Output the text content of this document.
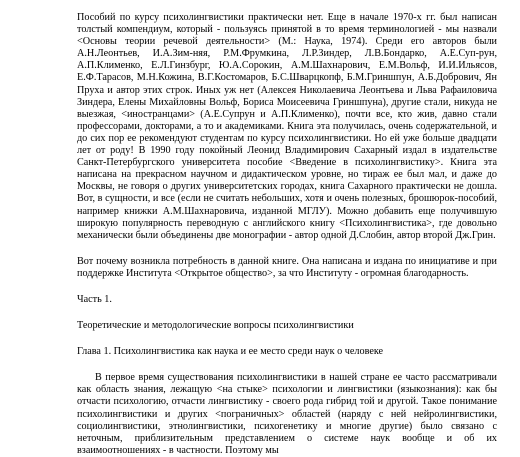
Пособий по курсу психолингвистики практически нет. Еще в начале 1970-х гг. был написан толстый компендиум, который - пользуясь принятой в то время терминологией - мы назвали <Основы теории речевой деятельности> (М.: Наука, 1974). Среди его авторов были А.Н.Леонтьев, И.А.Зим-няя, Р.М.Фрумкина, Л.Р.Зиндер, Л.В.Бондарко, А.Е.Суп-рун, А.П.Клименко, Е.Л.Гинзбург, Ю.А.Сорокин, А.М.Шахнарович, Е.М.Вольф, И.И.Ильясов, Е.Ф.Тарасов, М.Н.Кожина, В.Г.Костомаров, Б.С.Шварцкопф, Б.М.Гриншпун, А.Б.Добрович, Ян Прухa и автор этих строк. Иных уж нет (Алексея Николаевича Леонтьева и Льва Рафаиловича Зиндера, Елены Михайловны Вольф, Бориса Моисеевича Гриншпуна), другие стали, никуда не выезжая, <иностранцами> (А.Е.Супрун и А.П.Клименко), почти все, кто жив, давно стали профессорами, докторами, а то и академиками. Книга эта получилась, очень содержательной, и до сих пор ее рекомендуют студентам по курсу психолингвистики. Но ей уже больше двадцати лет от роду! В 1990 году покойный Леонид Владимирович Сахарный издал в издательстве Санкт-Петербургского университета пособие <Введение в психолингвистику>. Книга эта написана на прекрасном научном и дидактическом уровне, но тираж ее был мал, и даже до Москвы, не говоря о других университетских городах, книга Сахарного практически не дошла. Вот, в сущности, и все (если не считать небольших, хотя и очень полезных, брошюрок-пособий, например книжки А.М.Шахнаровича, изданной МГЛУ). Можно добавить еще получившую широкую популярность переводную с английского книгу <Психолингвистика>, где довольно механически были объединены две монографии - автор одной Д.Слобин, автор второй Дж.Грин.

Вот почему возникла потребность в данной книге. Она написана и издана по инициативе и при поддержке Института <Открытое общество>, за что Институту - огромная благодарность.

Часть 1.

Теоретические и методологические вопросы психолингвистики

Глава 1. Психолингвистика как наука и ее место среди наук о человеке

В первое время существования психолингвистики в нашей стране ее часто рассматривали как область знания, лежащую <на стыке> психологии и лингвистики (языкознания): как бы отчасти психологию, отчасти лингвистику - своего рода гибрид той и другой. Такое понимание психолингвистики и других <пограничных> областей (наряду с ней нейролингвистики, социолингвистики, этнолингвистики, психогенетику и многие другие) было связано с неточным, приблизительным представлением о системе наук вообще и об их взаимоотношениях - в частности. Поэтому мы
